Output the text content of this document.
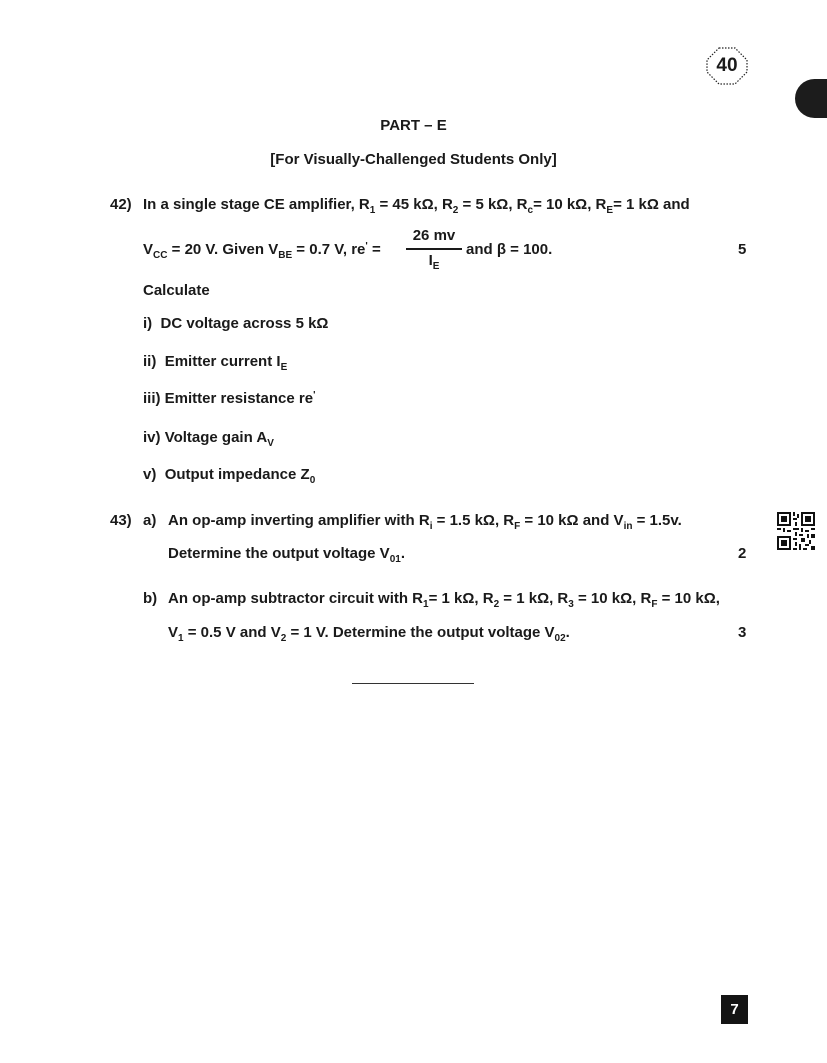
40
PART – E
[For Visually-Challenged Students Only]
42) In a single stage CE amplifier, $R_1 = 45$ kΩ, $R_2 = 5$ kΩ, $R_c= 10$ kΩ, $R_E= 1$ kΩ and
$V_{CC} = 20$ V. Given $V_{BE} = 0.7$ V, re' =
26 mv
$I_E$
and β = 100.	5
Calculate
i) DC voltage across 5 kΩ
ii) Emitter current $I_E$
iii) Emitter resistance re'
iv) Voltage gain $A_V$
v) Output impedance $Z_0$
43) a) An op-amp inverting amplifier with $R_i = 1.5$ kΩ, $R_F = 10$ kΩ and $V_{in} = 1.5v$.
Determine the output voltage $V_{01}$.	2
b) An op-amp subtractor circuit with $R_1= 1$ kΩ, $R_2 = 1$ kΩ, $R_3 = 10$ kΩ, $R_F = 10$ kΩ,
$V_1 = 0.5$ V and $V_2 = 1$ V. Determine the output voltage $V_{02}$.	3
7
